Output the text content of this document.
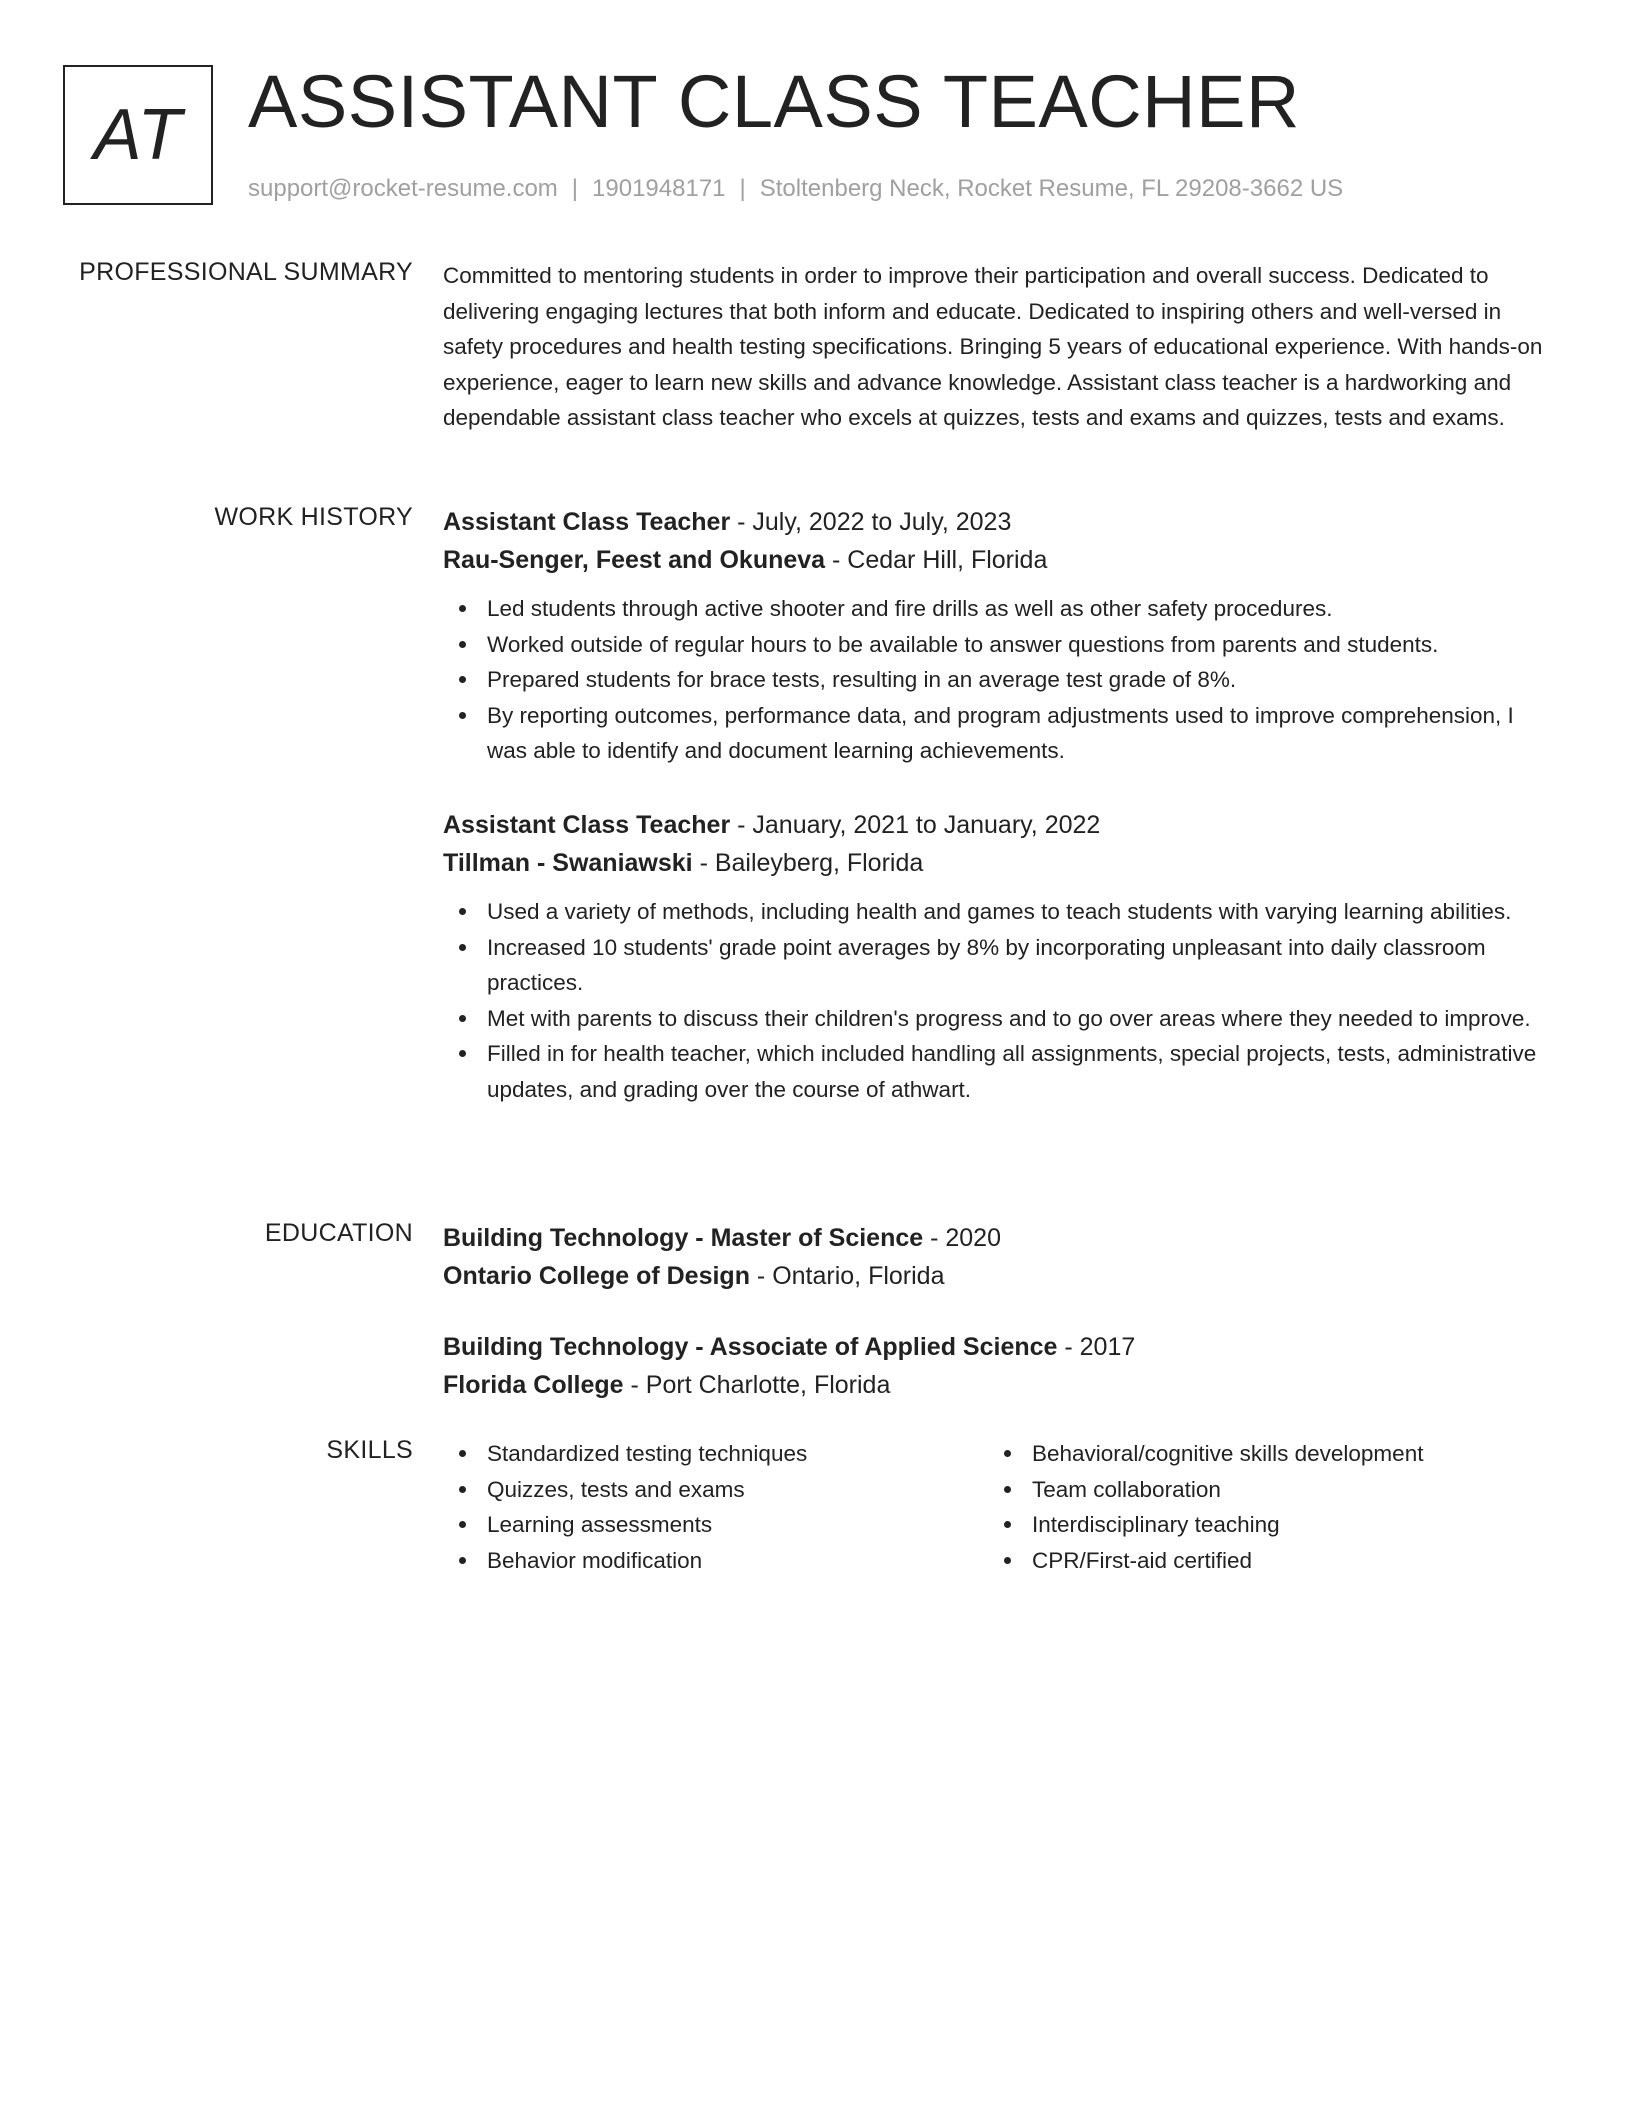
AT ASSISTANT CLASS TEACHER
support@rocket-resume.com | 1901948171 | Stoltenberg Neck, Rocket Resume, FL 29208-3662 US
PROFESSIONAL SUMMARY Committed to mentoring students in order to improve their participation and overall success. Dedicated to delivering engaging lectures that both inform and educate. Dedicated to inspiring others and well-versed in safety procedures and health testing specifications. Bringing 5 years of educational experience. With hands-on experience, eager to learn new skills and advance knowledge. Assistant class teacher is a hardworking and dependable assistant class teacher who excels at quizzes, tests and exams and quizzes, tests and exams.

WORK HISTORY Assistant Class Teacher - July, 2022 to July, 2023
Rau-Senger, Feest and Okuneva - Cedar Hill, Florida
Led students through active shooter and fire drills as well as other safety procedures.
Worked outside of regular hours to be available to answer questions from parents and students.
Prepared students for brace tests, resulting in an average test grade of 8%.
By reporting outcomes, performance data, and program adjustments used to improve comprehension, I was able to identify and document learning achievements.
Assistant Class Teacher - January, 2021 to January, 2022
Tillman - Swaniawski - Baileyberg, Florida
Used a variety of methods, including health and games to teach students with varying learning abilities.
Increased 10 students' grade point averages by 8% by incorporating unpleasant into daily classroom practices.
Met with parents to discuss their children's progress and to go over areas where they needed to improve.
Filled in for health teacher, which included handling all assignments, special projects, tests, administrative updates, and grading over the course of athwart.
EDUCATION Building Technology - Master of Science - 2020
Ontario College of Design - Ontario, Florida
Building Technology - Associate of Applied Science - 2017
Florida College - Port Charlotte, Florida
SKILLS	Standardized testing techniques
Quizzes, tests and exams
Learning assessments
Behavior modification
Behavioral/cognitive skills development
Team collaboration
Interdisciplinary teaching
CPR/First-aid certified
